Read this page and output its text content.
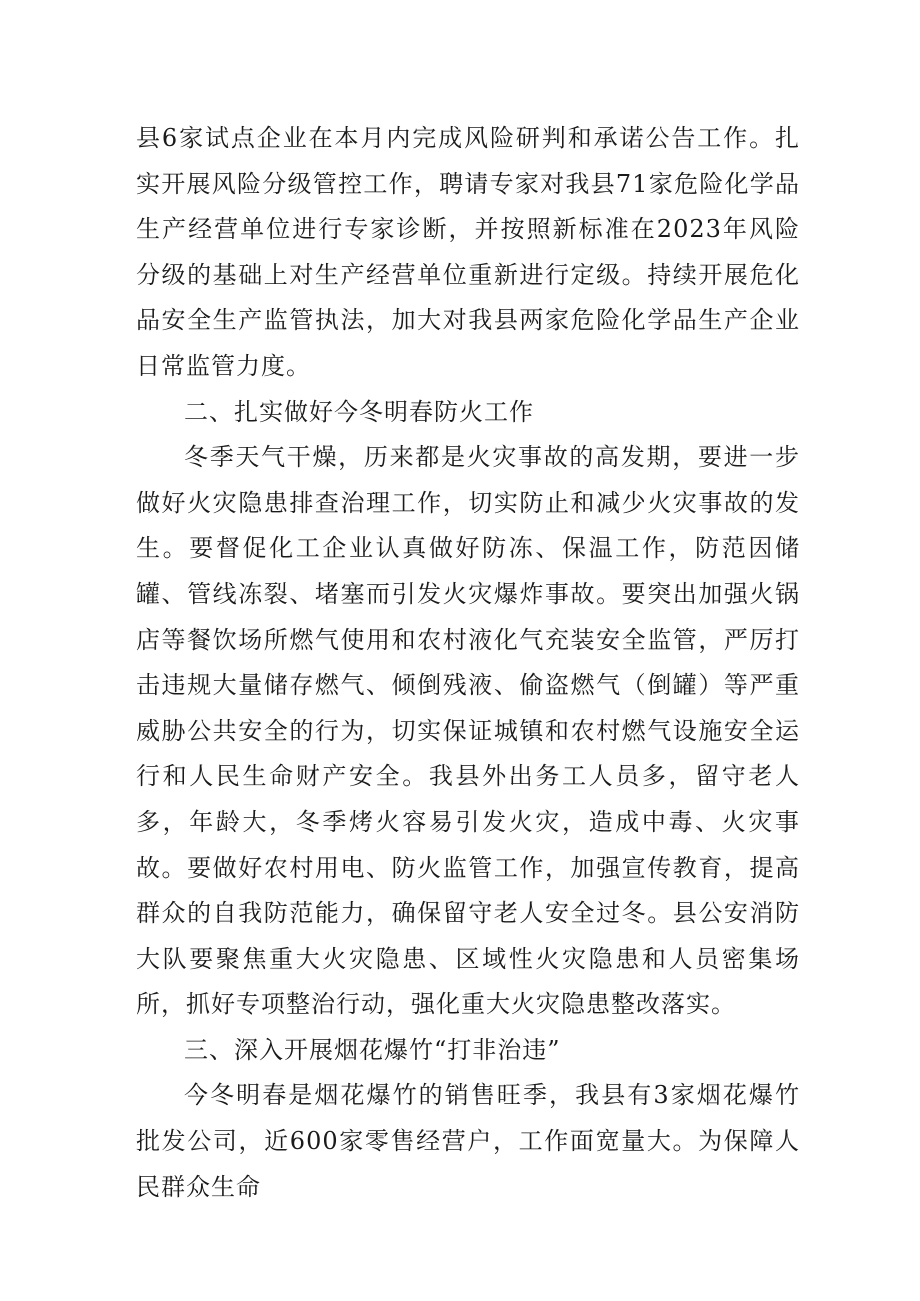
县6家试点企业在本月内完成风险研判和承诺公告工作。扎实开展风险分级管控工作，聘请专家对我县71家危险化学品生产经营单位进行专家诊断，并按照新标准在2023年风险分级的基础上对生产经营单位重新进行定级。持续开展危化品安全生产监管执法，加大对我县两家危险化学品生产企业日常监管力度。

二、扎实做好今冬明春防火工作

冬季天气干燥，历来都是火灾事故的高发期，要进一步做好火灾隐患排查治理工作，切实防止和减少火灾事故的发生。要督促化工企业认真做好防冻、保温工作，防范因储罐、管线冻裂、堵塞而引发火灾爆炸事故。要突出加强火锅店等餐饮场所燃气使用和农村液化气充装安全监管，严厉打击违规大量储存燃气、倾倒残液、偷盗燃气（倒罐）等严重威胁公共安全的行为，切实保证城镇和农村燃气设施安全运行和人民生命财产安全。我县外出务工人员多，留守老人多，年龄大，冬季烤火容易引发火灾，造成中毒、火灾事故。要做好农村用电、防火监管工作，加强宣传教育，提高群众的自我防范能力，确保留守老人安全过冬。县公安消防大队要聚焦重大火灾隐患、区域性火灾隐患和人员密集场所，抓好专项整治行动，强化重大火灾隐患整改落实。

三、深入开展烟花爆竹“打非治违”

今冬明春是烟花爆竹的销售旺季，我县有3家烟花爆竹批发公司，近600家零售经营户，工作面宽量大。为保障人民群众生命
